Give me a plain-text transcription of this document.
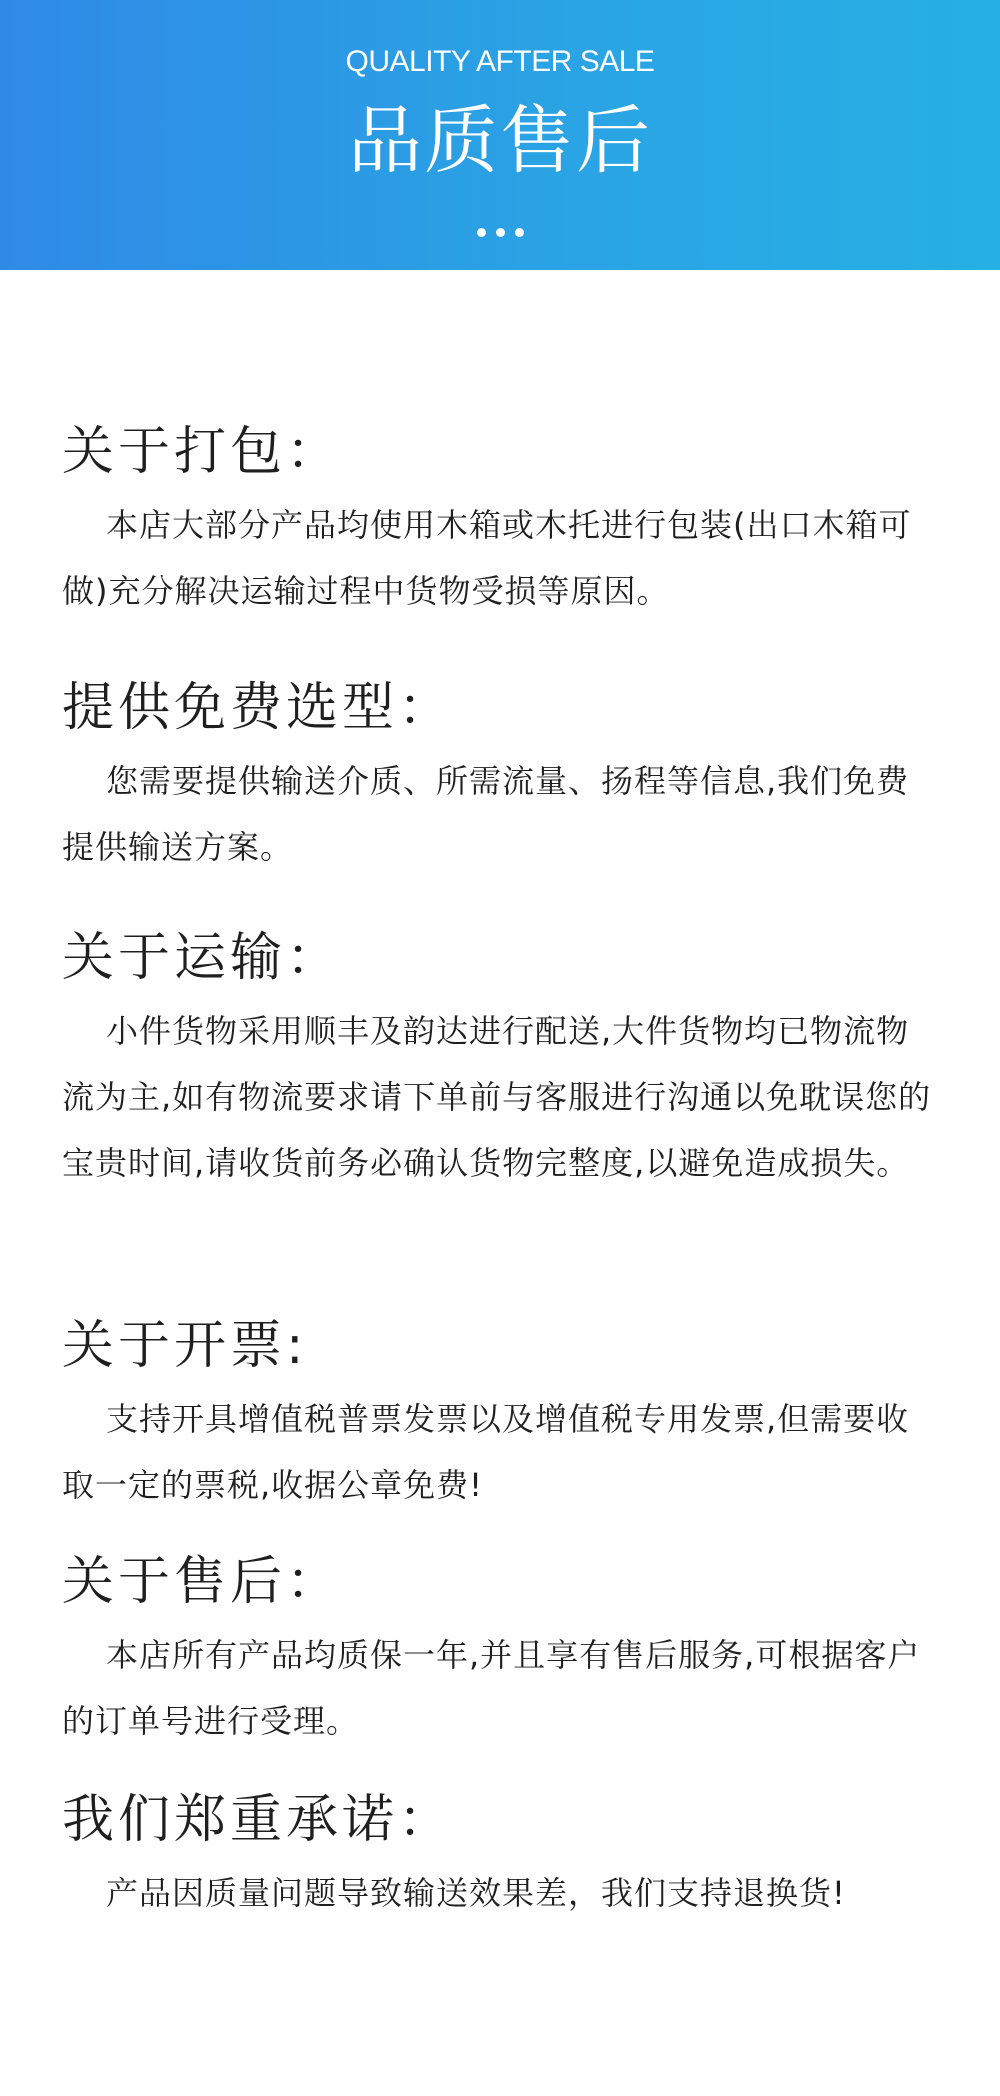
QUALITY AFTER SALE
品质售后
关于打包：
本店大部分产品均使用木箱或木托进行包装(出口木箱可做)充分解决运输过程中货物受损等原因。
提供免费选型：
您需要提供输送介质、所需流量、扬程等信息,我们免费提供输送方案。
关于运输：
小件货物采用顺丰及韵达进行配送,大件货物均已物流物流为主,如有物流要求请下单前与客服进行沟通以免耽误您的宝贵时间,请收货前务必确认货物完整度,以避免造成损失。
关于开票:
支持开具增值税普票发票以及增值税专用发票,但需要收取一定的票税,收据公章免费!
关于售后：
本店所有产品均质保一年,并且享有售后服务,可根据客户的订单号进行受理。
我们郑重承诺：
产品因质量问题导致输送效果差，我们支持退换货!
